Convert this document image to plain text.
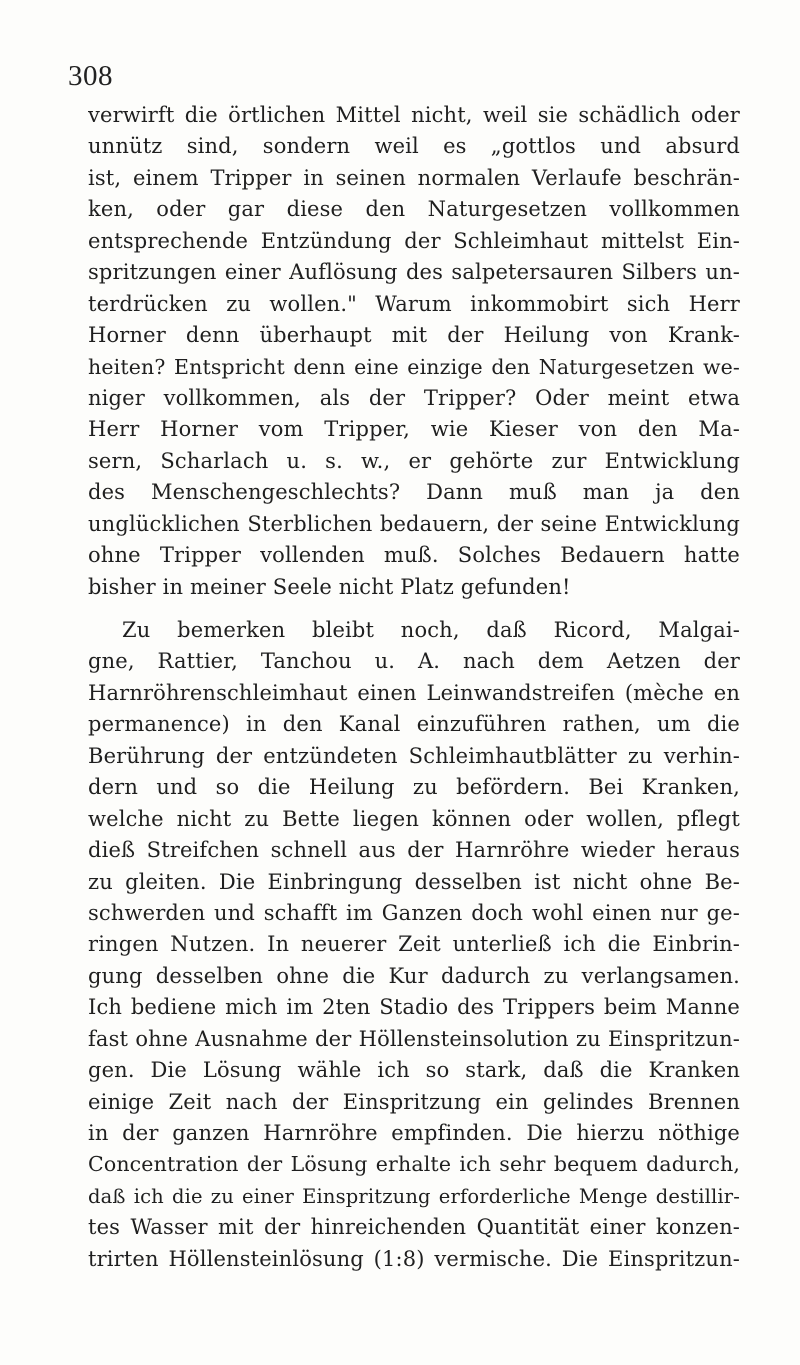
308
verwirft die örtlichen Mittel nicht, weil sie schädlich oder
unnütz sind, sondern weil es „gottlos und absurd
ist, einem Tripper in seinen normalen Verlaufe beschrän-
ken, oder gar diese den Naturgesetzen vollkommen
entsprechende Entzündung der Schleimhaut mittelst Ein-
spritzungen einer Auflösung des salpetersauren Silbers un-
terdrücken zu wollen." Warum inkommobirt sich Herr
Horner denn überhaupt mit der Heilung von Krank-
heiten? Entspricht denn eine einzige den Naturgesetzen we-
niger vollkommen, als der Tripper? Oder meint etwa
Herr Horner vom Tripper, wie Kieser von den Ma-
sern, Scharlach u. s. w., er gehörte zur Entwicklung
des Menschengeschlechts? Dann muß man ja den
unglücklichen Sterblichen bedauern, der seine Entwicklung
ohne Tripper vollenden muß. Solches Bedauern hatte
bisher in meiner Seele nicht Platz gefunden!
Zu bemerken bleibt noch, daß Ricord, Malgai-
gne, Rattier, Tanchou u. A. nach dem Aetzen der
Harnröhrenschleimhaut einen Leinwandstreifen (mèche en
permanence) in den Kanal einzuführen rathen, um die
Berührung der entzündeten Schleimhautblätter zu verhin-
dern und so die Heilung zu befördern. Bei Kranken,
welche nicht zu Bette liegen können oder wollen, pflegt
dieß Streifchen schnell aus der Harnröhre wieder heraus
zu gleiten. Die Einbringung desselben ist nicht ohne Be-
schwerden und schafft im Ganzen doch wohl einen nur ge-
ringen Nutzen. In neuerer Zeit unterließ ich die Einbrin-
gung desselben ohne die Kur dadurch zu verlangsamen.
Ich bediene mich im 2ten Stadio des Trippers beim Manne
fast ohne Ausnahme der Höllensteinsolution zu Einspritzun-
gen. Die Lösung wähle ich so stark, daß die Kranken
einige Zeit nach der Einspritzung ein gelindes Brennen
in der ganzen Harnröhre empfinden. Die hierzu nöthige
Concentration der Lösung erhalte ich sehr bequem dadurch,
daß ich die zu einer Einspritzung erforderliche Menge destillir-
tes Wasser mit der hinreichenden Quantität einer konzen-
trirten Höllensteinlösung (1:8) vermische. Die Einspritzun-
